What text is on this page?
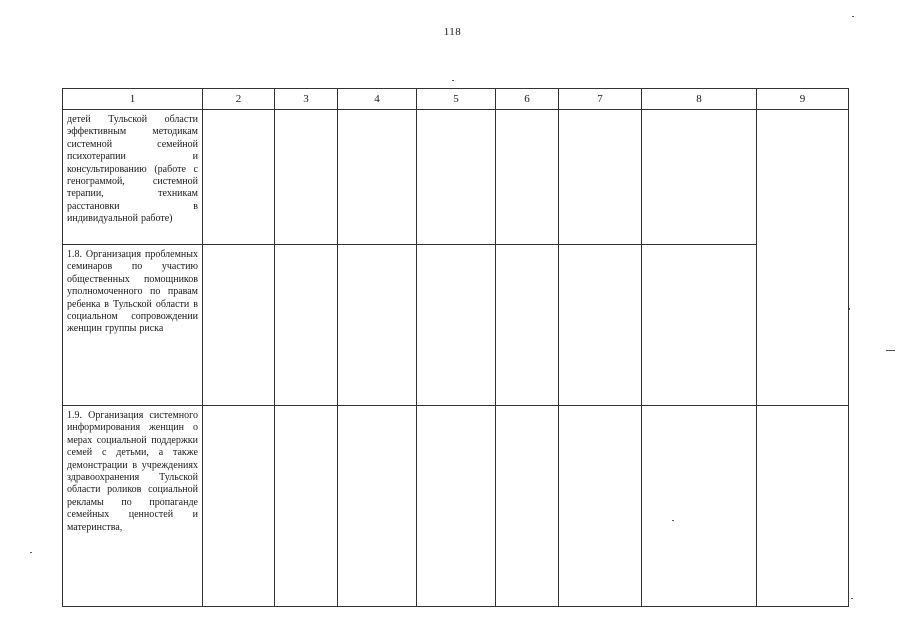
118
1	2	3	4	5	6	7	8	9
детей Тульской области эффективным методикам системной семейной психотерапии и консультированию (работе с генограммой, системной терапии, техникам расстановки в индивидуальной работе)								
1.8. Организация проблемных семинаров по участию общественных помощников уполномоченного по правам ребенка в Тульской области в социальном сопровождении женщин группы риска								
1.9. Организация системного информирования женщин о мерах социальной поддержки семей с детьми, а также демонстрации в учреждениях здравоохранения Тульской области роликов социальной рекламы по пропаганде семейных ценностей и материнства,								
